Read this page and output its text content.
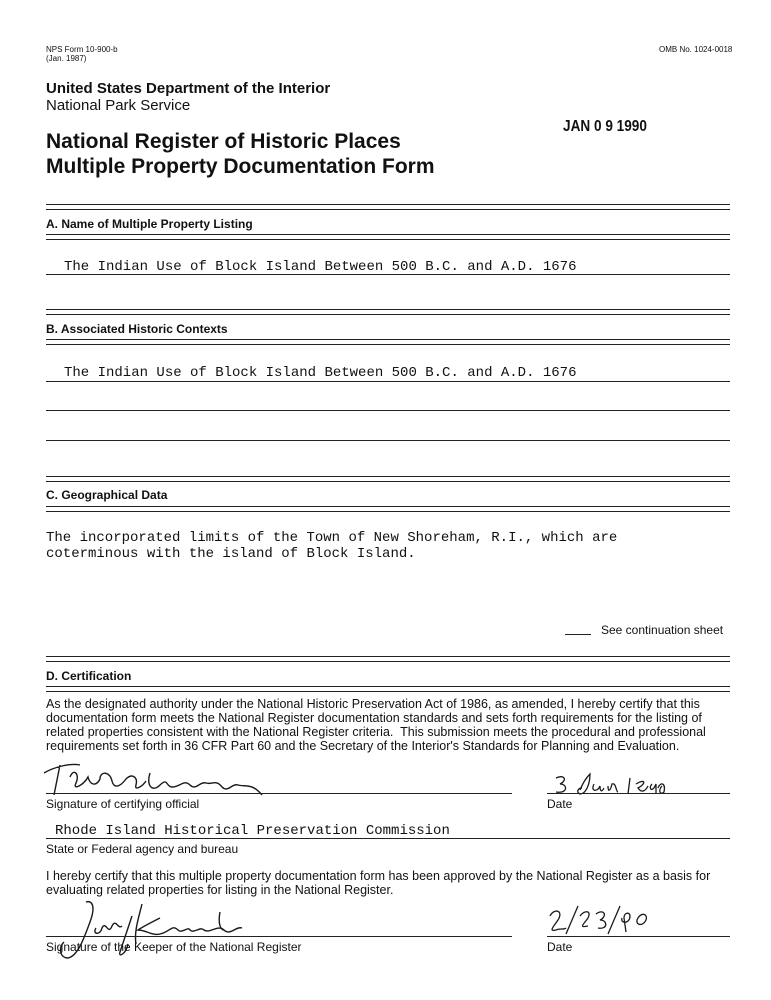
NPS Form 10-900-b
(Jan. 1987)
OMB No. 1024-0018
United States Department of the Interior
National Park Service
National Register of Historic Places
Multiple Property Documentation Form
JAN 0 9 1990
A. Name of Multiple Property Listing
The Indian Use of Block Island Between 500 B.C. and A.D. 1676
B. Associated Historic Contexts
The Indian Use of Block Island Between 500 B.C. and A.D. 1676
C. Geographical Data
The incorporated limits of the Town of New Shoreham, R.I., which are
coterminous with the island of Block Island.
See continuation sheet
D. Certification
As the designated authority under the National Historic Preservation Act of 1986, as amended, I hereby certify that this
documentation form meets the National Register documentation standards and sets forth requirements for the listing of
related properties consistent with the National Register criteria.  This submission meets the procedural and professional
requirements set forth in 36 CFR Part 60 and the Secretary of the Interior's Standards for Planning and Evaluation.
Signature of certifying official	Date
Rhode Island Historical Preservation Commission
State or Federal agency and bureau
I hereby certify that this multiple property documentation form has been approved by the National Register as a basis for
evaluating related properties for listing in the National Register.
Signature of the Keeper of the National Register	Date
